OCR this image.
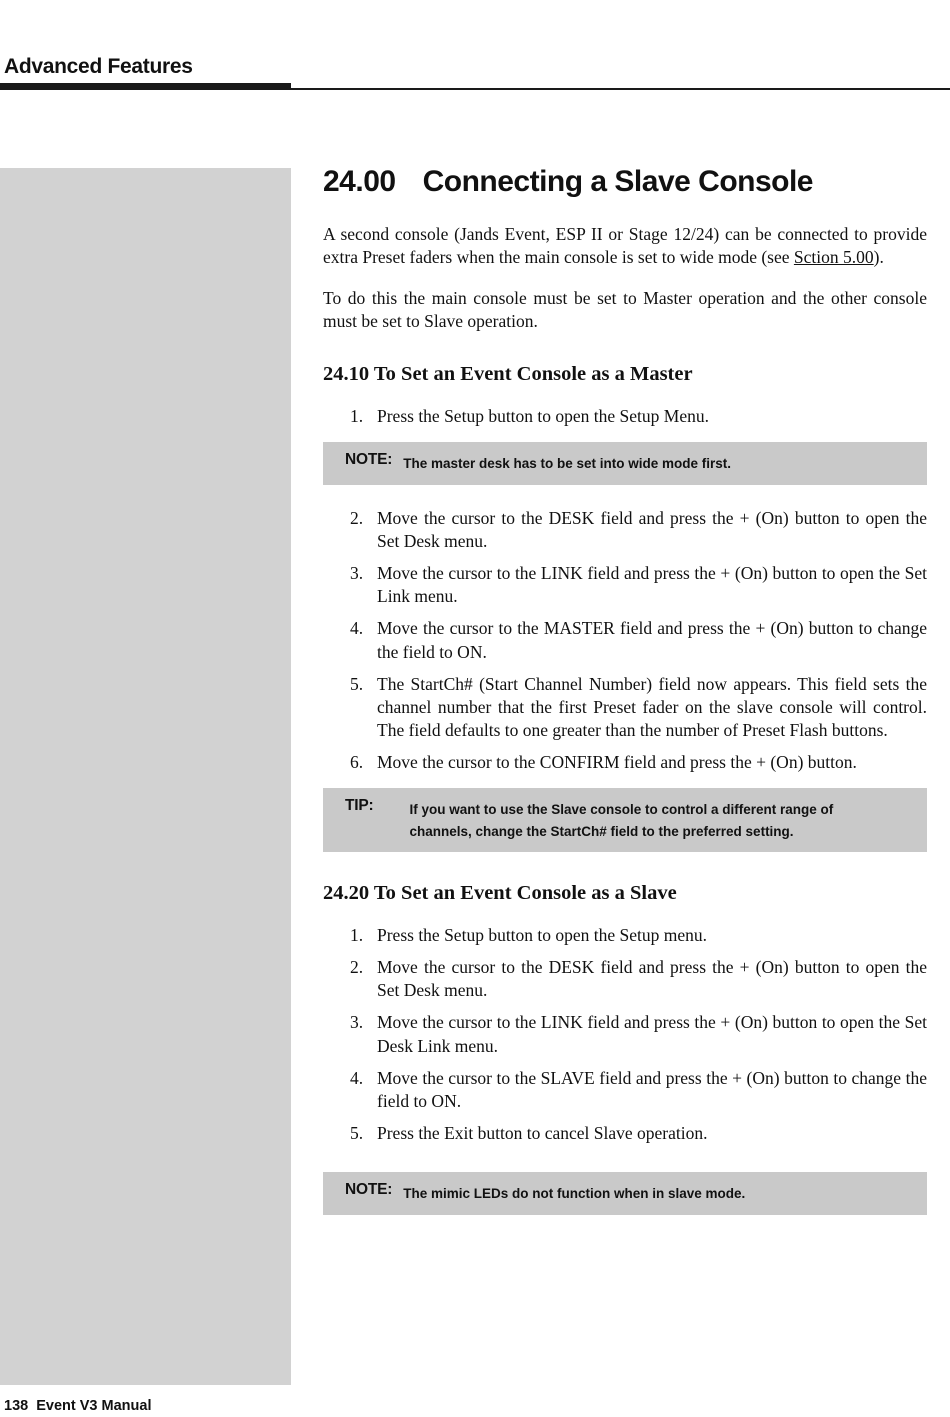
Advanced Features
24.00 Connecting a Slave Console

A second console (Jands Event, ESP II or Stage 12/24) can be connected to provide extra Preset faders when the main console is set to wide mode (see Sction 5.00).

To do this the main console must be set to Master operation and the other console must be set to Slave operation.

24.10 To Set an Event Console as a Master
1. Press the Setup button to open the Setup Menu.
NOTE: The master desk has to be set into wide mode first.
2. Move the cursor to the DESK field and press the + (On) button to open the Set Desk menu.
3. Move the cursor to the LINK field and press the + (On) button to open the Set Link menu.
4. Move the cursor to the MASTER field and press the + (On) button to change the field to ON.
5. The StartCh# (Start Channel Number) field now appears. This field sets the channel number that the first Preset fader on the slave console will control. The field defaults to one greater than the number of Preset Flash buttons.
6. Move the cursor to the CONFIRM field and press the + (On) button.
TIP:	If you want to use the Slave console to control a different range of channels, change the StartCh# field to the preferred setting.
24.20 To Set an Event Console as a Slave
1. Press the Setup button to open the Setup menu.
2. Move the cursor to the DESK field and press the + (On) button to open the Set Desk menu.
3. Move the cursor to the LINK field and press the + (On) button to open the Set Desk Link menu.
4. Move the cursor to the SLAVE field and press the + (On) button to change the field to ON.
5. Press the Exit button to cancel Slave operation.
NOTE: The mimic LEDs do not function when in slave mode.
138  Event V3 Manual
